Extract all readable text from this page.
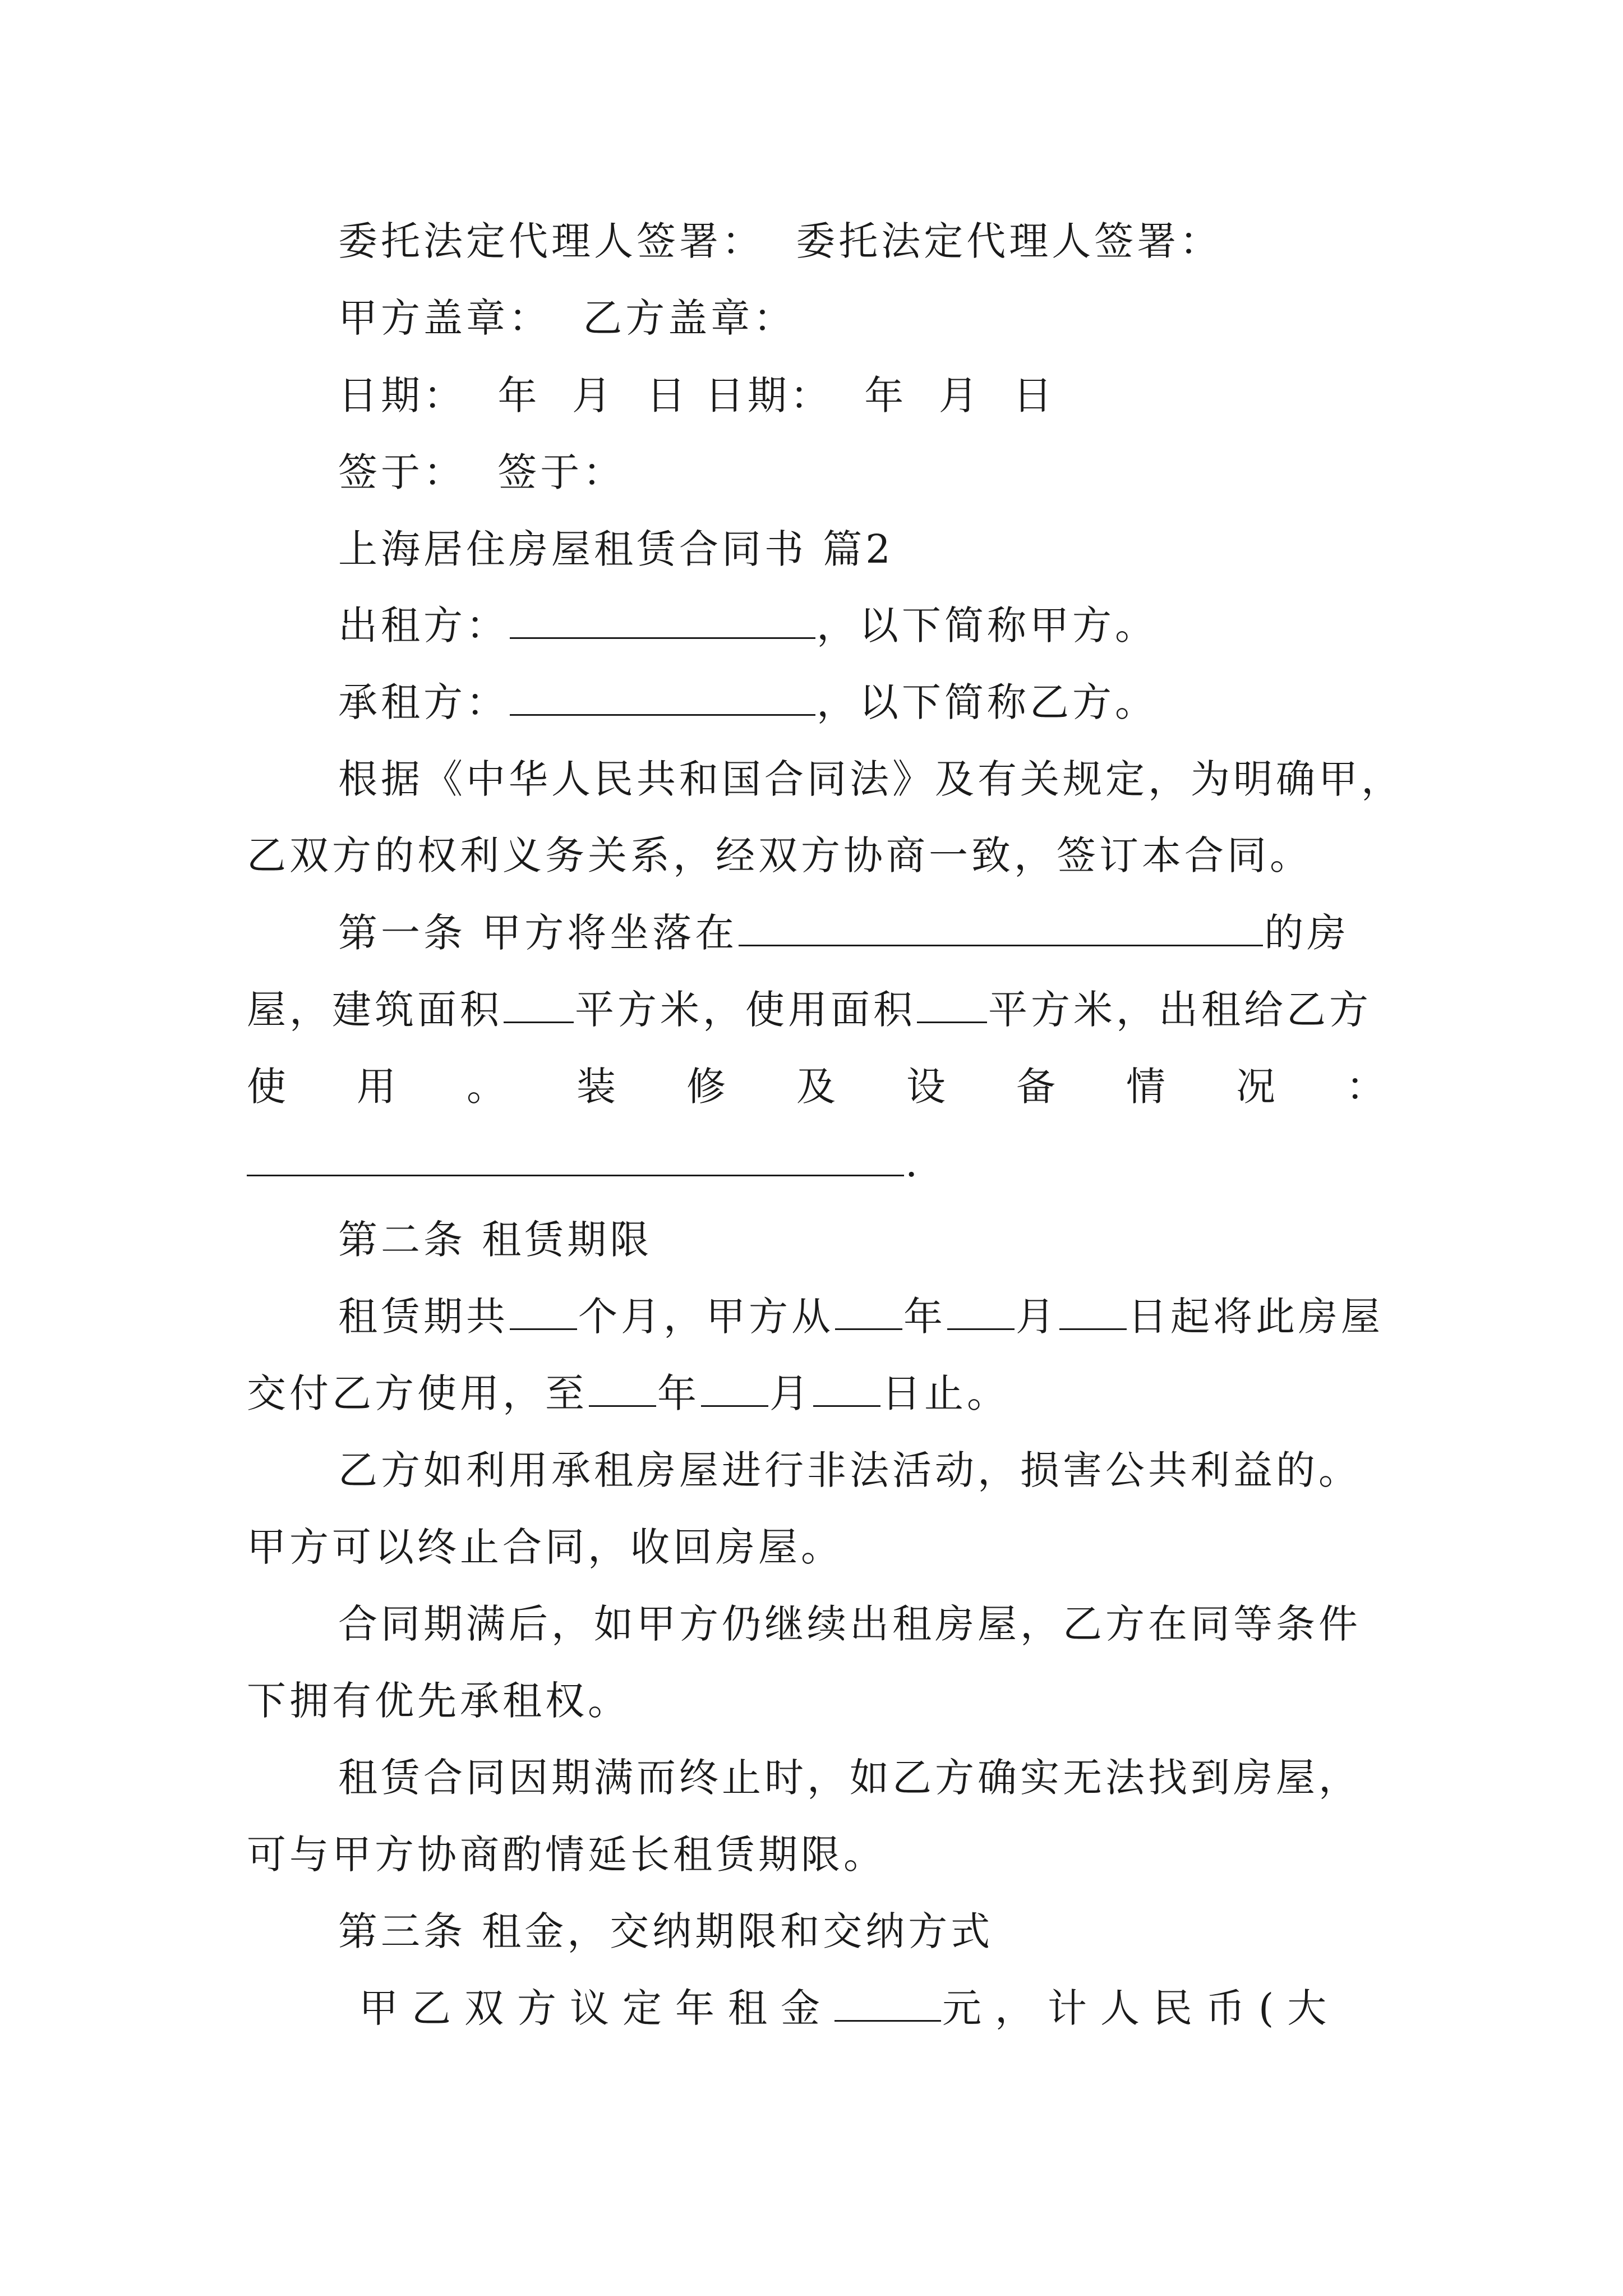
委托法定代理人签署： 委托法定代理人签署：
甲方盖章： 乙方盖章：
日期：  年  月  日 日期：  年  月  日
签于： 签于：
上海居住房屋租赁合同书 篇2
出租方：	，以下简称甲方。
承租方：	，以下简称乙方。
根据《中华人民共和国合同法》及有关规定，为明确甲，
乙双方的权利义务关系，经双方协商一致，签订本合同。
第一条 甲方将坐落在	的房
屋，建筑面积 平方米，使用面积 平方米，出租给乙方
使 用 。 装 修 及 设 备 情 况 ：
.
第二条 租赁期限
租赁期共 个月，甲方从 年 月 日起将此房屋
交付乙方使用，至 年 月 日止。
乙方如利用承租房屋进行非法活动，损害公共利益的。
甲方可以终止合同，收回房屋。
合同期满后，如甲方仍继续出租房屋，乙方在同等条件
下拥有优先承租权。
租赁合同因期满而终止时，如乙方确实无法找到房屋，
可与甲方协商酌情延长租赁期限。
第三条 租金，交纳期限和交纳方式
甲乙双方议定年租金	元，计人民币(大
